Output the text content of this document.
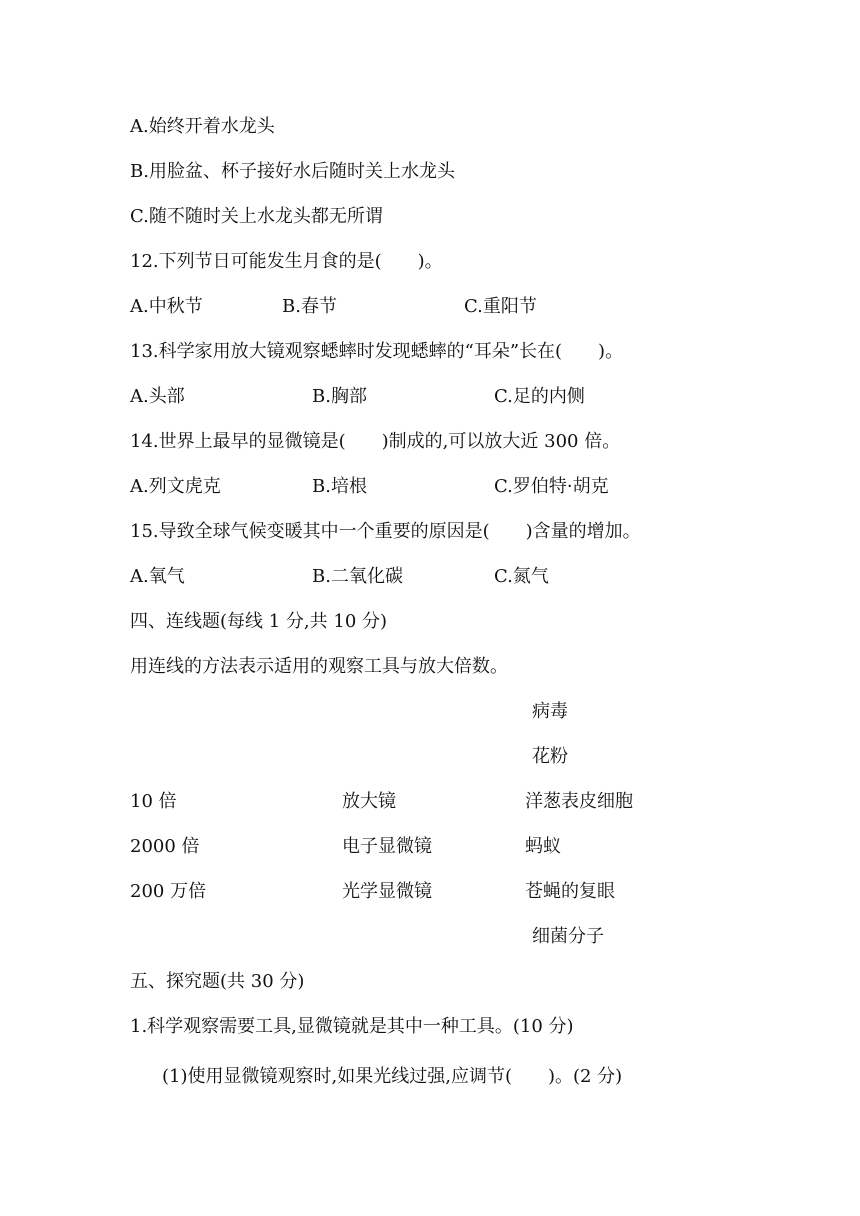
A.始终开着水龙头
B.用脸盆、杯子接好水后随时关上水龙头
C.随不随时关上水龙头都无所谓
12.下列节日可能发生月食的是(　　)。
A.中秋节	B.春节	C.重阳节
13.科学家用放大镜观察蟋蟀时发现蟋蟀的“耳朵”长在(　　)。
A.头部	B.胸部	C.足的内侧
14.世界上最早的显微镜是(　　)制成的,可以放大近 300 倍。
A.列文虎克	B.培根	C.罗伯特·胡克
15.导致全球气候变暖其中一个重要的原因是(　　)含量的增加。
A.氧气	B.二氧化碳	C.氮气
四、连线题(每线 1 分,共 10 分)
用连线的方法表示适用的观察工具与放大倍数。
病毒
花粉
10 倍	放大镜	洋葱表皮细胞
2000 倍	电子显微镜	蚂蚁
200 万倍	光学显微镜	苍蝇的复眼
细菌分子
五、探究题(共 30 分)
1.科学观察需要工具,显微镜就是其中一种工具。(10 分)
(1)使用显微镜观察时,如果光线过强,应调节(　　)。(2 分)
